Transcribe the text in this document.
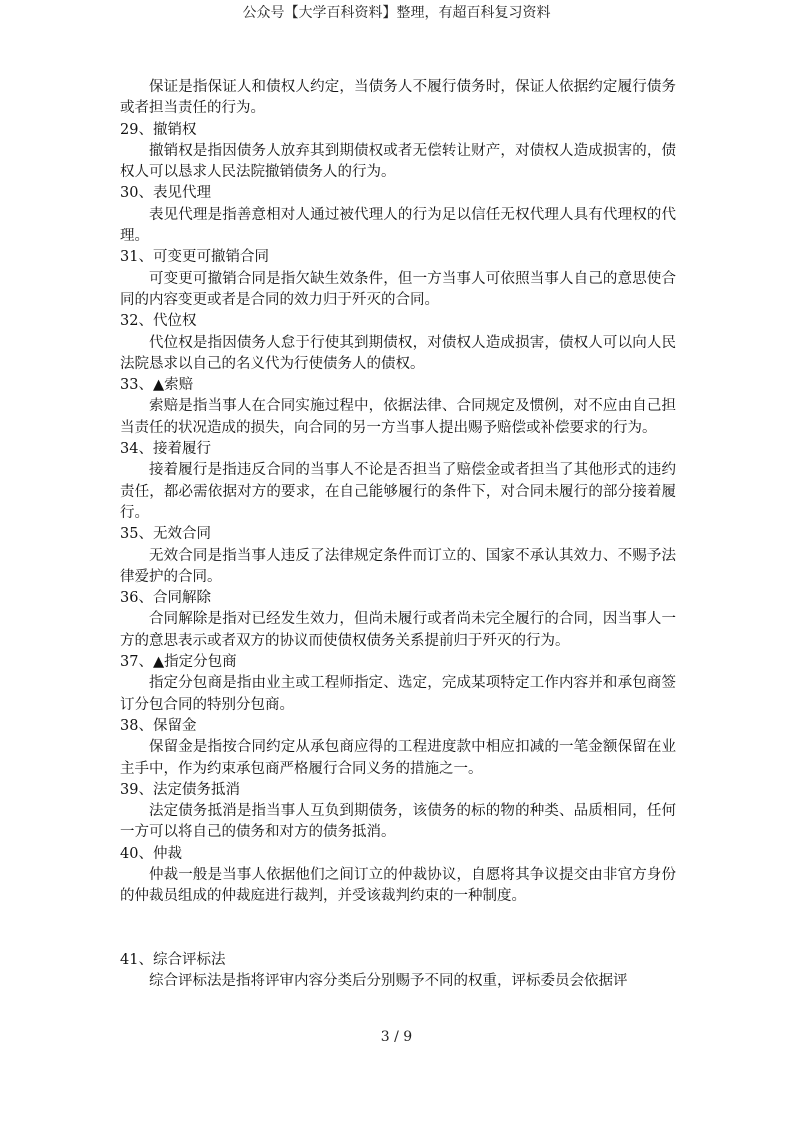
公众号【大学百科资料】整理，有超百科复习资料

保证是指保证人和债权人约定，当债务人不履行债务时，保证人依据约定履行债务或者担当责任的行为。

29、撤销权

撤销权是指因债务人放弃其到期债权或者无偿转让财产，对债权人造成损害的，债权人可以恳求人民法院撤销债务人的行为。

30、表见代理

表见代理是指善意相对人通过被代理人的行为足以信任无权代理人具有代理权的代理。

31、可变更可撤销合同

可变更可撤销合同是指欠缺生效条件，但一方当事人可依照当事人自己的意思使合同的内容变更或者是合同的效力归于歼灭的合同。

32、代位权

代位权是指因债务人怠于行使其到期债权，对债权人造成损害，债权人可以向人民法院恳求以自己的名义代为行使债务人的债权。

33、▲索赔

索赔是指当事人在合同实施过程中，依据法律、合同规定及惯例，对不应由自己担当责任的状况造成的损失，向合同的另一方当事人提出赐予赔偿或补偿要求的行为。

34、接着履行

接着履行是指违反合同的当事人不论是否担当了赔偿金或者担当了其他形式的违约责任，都必需依据对方的要求，在自己能够履行的条件下，对合同未履行的部分接着履行。

35、无效合同

无效合同是指当事人违反了法律规定条件而订立的、国家不承认其效力、不赐予法律爱护的合同。

36、合同解除

合同解除是指对已经发生效力，但尚未履行或者尚未完全履行的合同，因当事人一方的意思表示或者双方的协议而使债权债务关系提前归于歼灭的行为。

37、▲指定分包商

指定分包商是指由业主或工程师指定、选定，完成某项特定工作内容并和承包商签订分包合同的特别分包商。

38、保留金

保留金是指按合同约定从承包商应得的工程进度款中相应扣减的一笔金额保留在业主手中，作为约束承包商严格履行合同义务的措施之一。

39、法定债务抵消

法定债务抵消是指当事人互负到期债务，该债务的标的物的种类、品质相同，任何一方可以将自己的债务和对方的债务抵消。

40、仲裁

仲裁一般是当事人依据他们之间订立的仲裁协议，自愿将其争议提交由非官方身份的仲裁员组成的仲裁庭进行裁判，并受该裁判约束的一种制度。

41、综合评标法

综合评标法是指将评审内容分类后分别赐予不同的权重，评标委员会依据评

3 / 9
